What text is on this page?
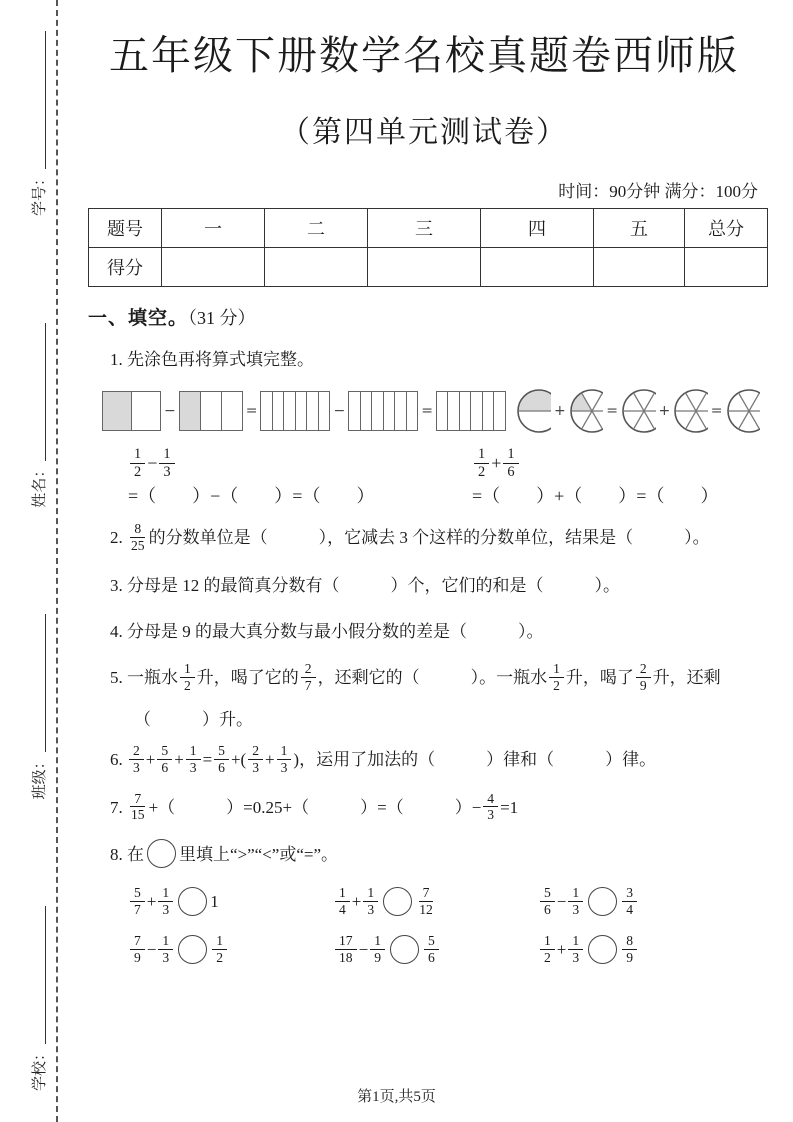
学校：
班级：
姓名：
学号：
五年级下册数学名校真题卷西师版
（第四单元测试卷）
时间：90分钟 满分：100分
题号	一	二	三	四	五	总分
得分						
一、填空。（31 分）
1. 先涂色再将算式填完整。
−	=	−	=	+	=	+	=
$\frac{1}{2} - \frac{1}{3}$
=（　　）−（　　）=（　　）
$\frac{1}{2} + \frac{1}{6}$
=（　　）+（　　）=（　　）
2. $\frac{8}{25}$ 的分数单位是（　　　），它减去 3 个这样的分数单位，结果是（　　　）。
3. 分母是 12 的最简真分数有（　　　）个，它们的和是（　　　）。
4. 分母是 9 的最大真分数与最小假分数的差是（　　　）。
5. 一瓶水 $\frac{1}{2}$ 升，喝了它的 $\frac{2}{7}$ ，还剩它的（　　　）。一瓶水 $\frac{1}{2}$ 升，喝了 $\frac{2}{9}$ 升，还剩
（　　　）升。
6. $\frac{2}{3} + \frac{5}{6} + \frac{1}{3} = \frac{5}{6}$ +( $\frac{2}{3} + \frac{1}{3}$ )，运用了加法的（　　　）律和（　　　）律。
7. $\frac{7}{15}$ +（　　　）=0.25+（　　　）=（　　　）− $\frac{4}{3} =1$
8. 在 里填上“>”“<”或“=”。
$\frac{5}{7} + \frac{1}{3} 1$	$\frac{1}{4} + \frac{1}{3}$	$\frac{7}{12}$	$\frac{5}{6} - \frac{1}{3}$	$\frac{3}{4}$
$\frac{7}{9} - \frac{1}{3}$	$\frac{1}{2}$	$\frac{17}{18} - \frac{1}{9}$	$\frac{5}{6}$	$\frac{1}{2} + \frac{1}{3}$	$\frac{8}{9}$
第1页,共5页
